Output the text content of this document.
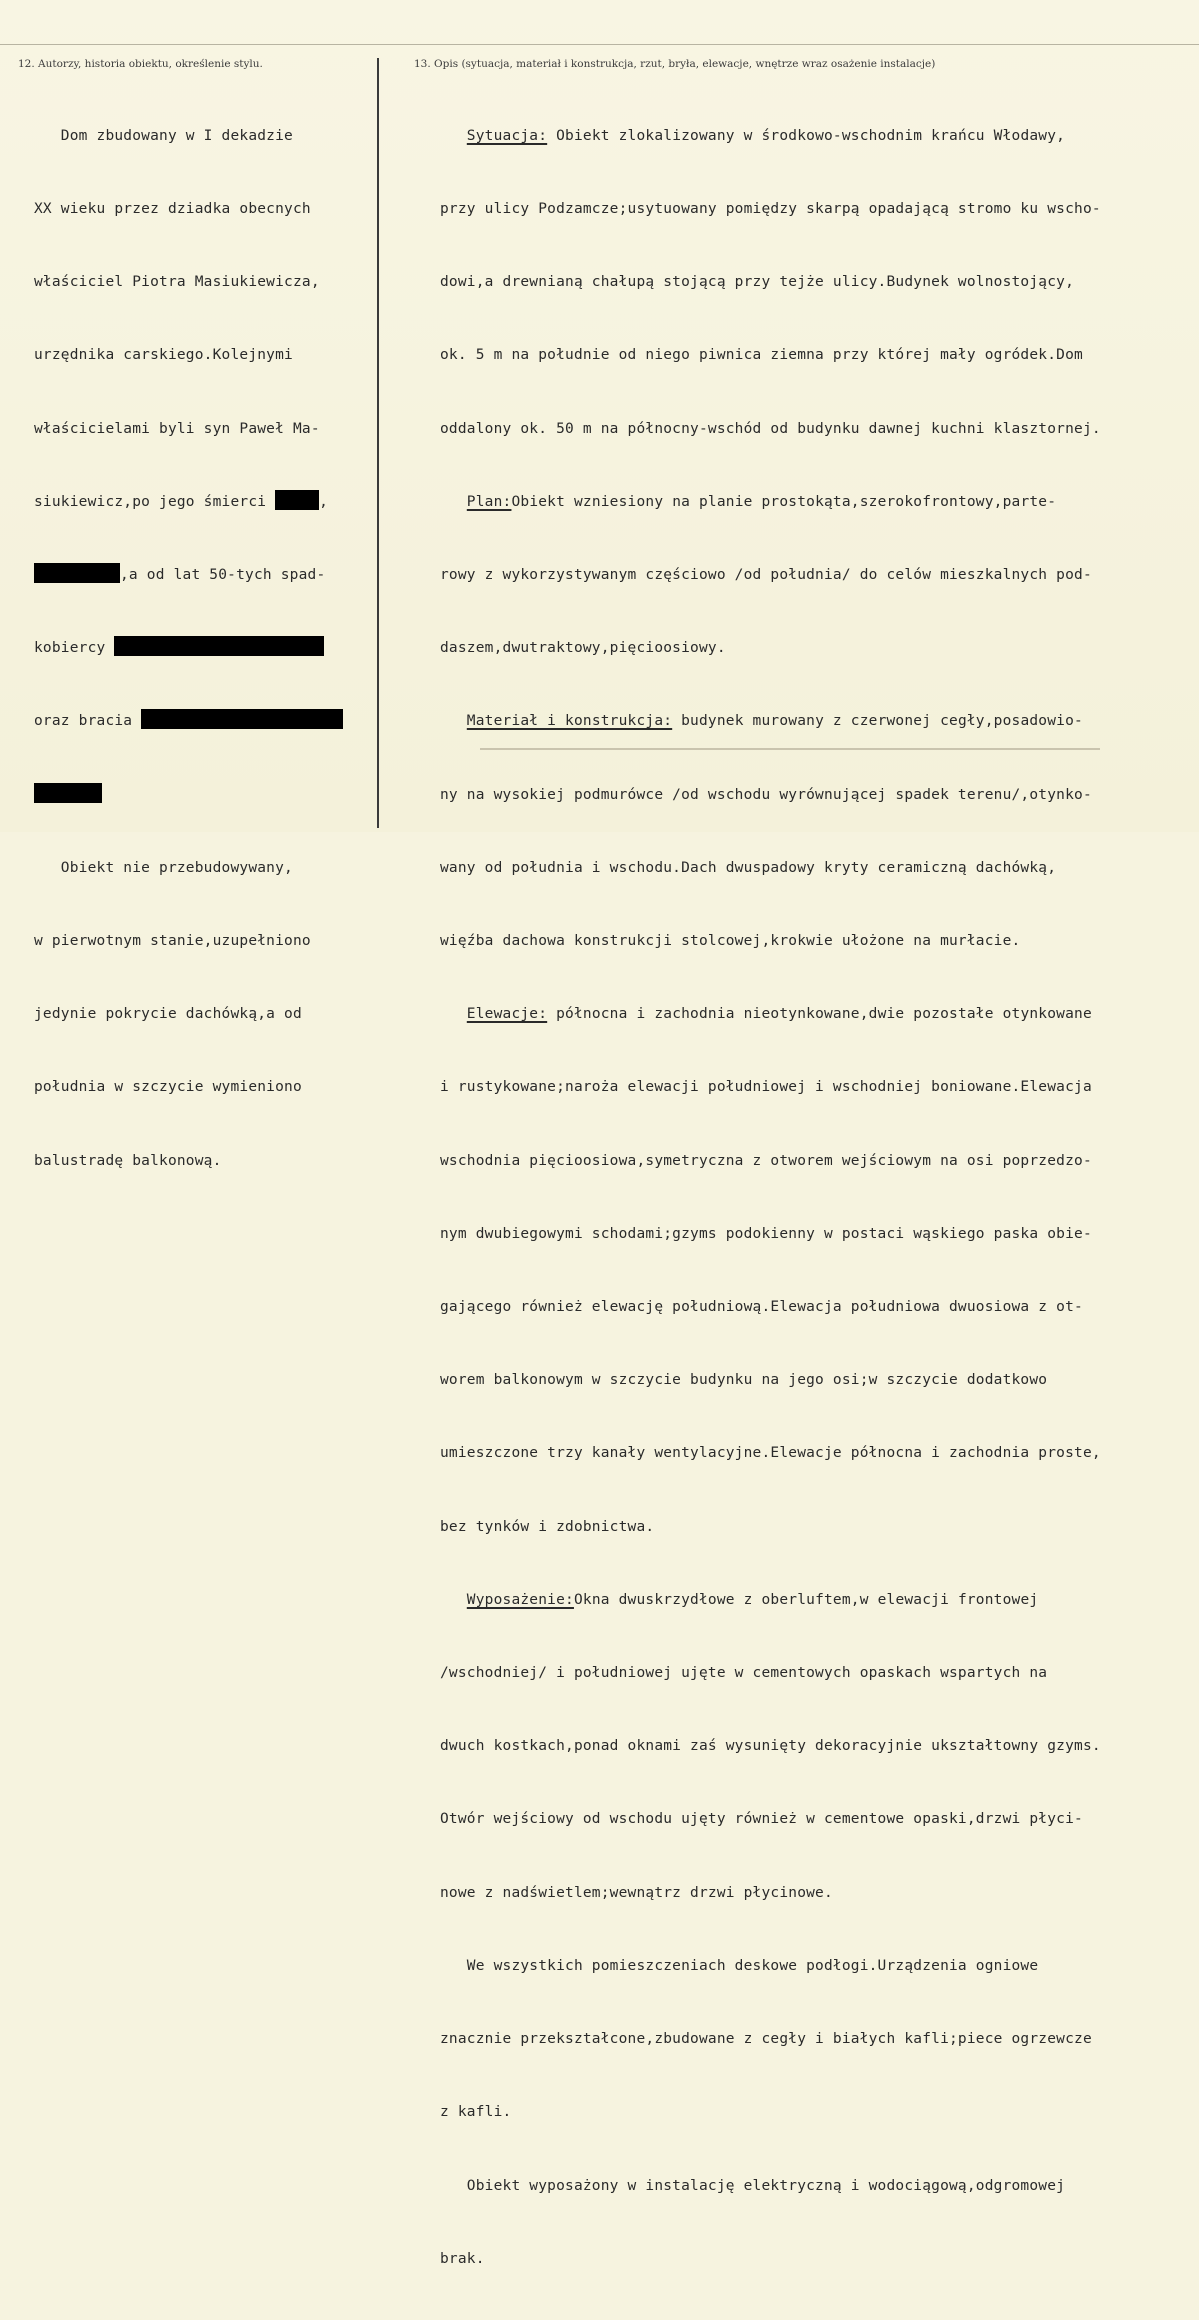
12. Autorzy, historia obiektu, określenie stylu.	13. Opis (sytuacja, materiał i konstrukcja, rzut, bryła, elewacje, wnętrze wraz osażenie instalacje)

Dom zbudowany w I dekadzie

XX wieku przez dziadka obecnych

właściciel Piotra Masiukiewicza,

urzędnika carskiego.Kolejnymi

właścicielami byli syn Paweł Ma-

siukiewicz,po jego śmierci	,

,a od lat 50-tych spad-

kobiercy

oraz bracia

Obiekt nie przebudowywany,

w pierwotnym stanie,uzupełniono

jedynie pokrycie dachówką,a od

południa w szczycie wymieniono

balustradę balkonową.

Sytuacja: Obiekt zlokalizowany w środkowo-wschodnim krańcu Włodawy,

przy ulicy Podzamcze;usytuowany pomiędzy skarpą opadającą stromo ku wscho-

dowi,a drewnianą chałupą stojącą przy tejże ulicy.Budynek wolnostojący,

ok. 5 m na południe od niego piwnica ziemna przy której mały ogródek.Dom

oddalony ok. 50 m na północny-wschód od budynku dawnej kuchni klasztornej.

Plan:Obiekt wzniesiony na planie prostokąta,szerokofrontowy,parte-

rowy z wykorzystywanym częściowo /od południa/ do celów mieszkalnych pod-

daszem,dwutraktowy,pięcioosiowy.

Materiał i konstrukcja: budynek murowany z czerwonej cegły,posadowio-

ny na wysokiej podmurówce /od wschodu wyrównującej spadek terenu/,otynko-

wany od południa i wschodu.Dach dwuspadowy kryty ceramiczną dachówką,

więźba dachowa konstrukcji stolcowej,krokwie ułożone na murłacie.

Elewacje: północna i zachodnia nieotynkowane,dwie pozostałe otynkowane

i rustykowane;naroża elewacji południowej i wschodniej boniowane.Elewacja

wschodnia pięcioosiowa,symetryczna z otworem wejściowym na osi poprzedzo-

nym dwubiegowymi schodami;gzyms podokienny w postaci wąskiego paska obie-

gającego również elewację południową.Elewacja południowa dwuosiowa z ot-

worem balkonowym w szczycie budynku na jego osi;w szczycie dodatkowo

umieszczone trzy kanały wentylacyjne.Elewacje północna i zachodnia proste,

bez tynków i zdobnictwa.

Wyposażenie:Okna dwuskrzydłowe z oberluftem,w elewacji frontowej

/wschodniej/ i południowej ujęte w cementowych opaskach wspartych na

dwuch kostkach,ponad oknami zaś wysunięty dekoracyjnie ukształtowny gzyms.

Otwór wejściowy od wschodu ujęty również w cementowe opaski,drzwi płyci-

nowe z nadświetlem;wewnątrz drzwi płycinowe.

We wszystkich pomieszczeniach deskowe podłogi.Urządzenia ogniowe

znacznie przekształcone,zbudowane z cegły i białych kafli;piece ogrzewcze

z kafli.

Obiekt wyposażony w instalację elektryczną i wodociągową,odgromowej

brak.
